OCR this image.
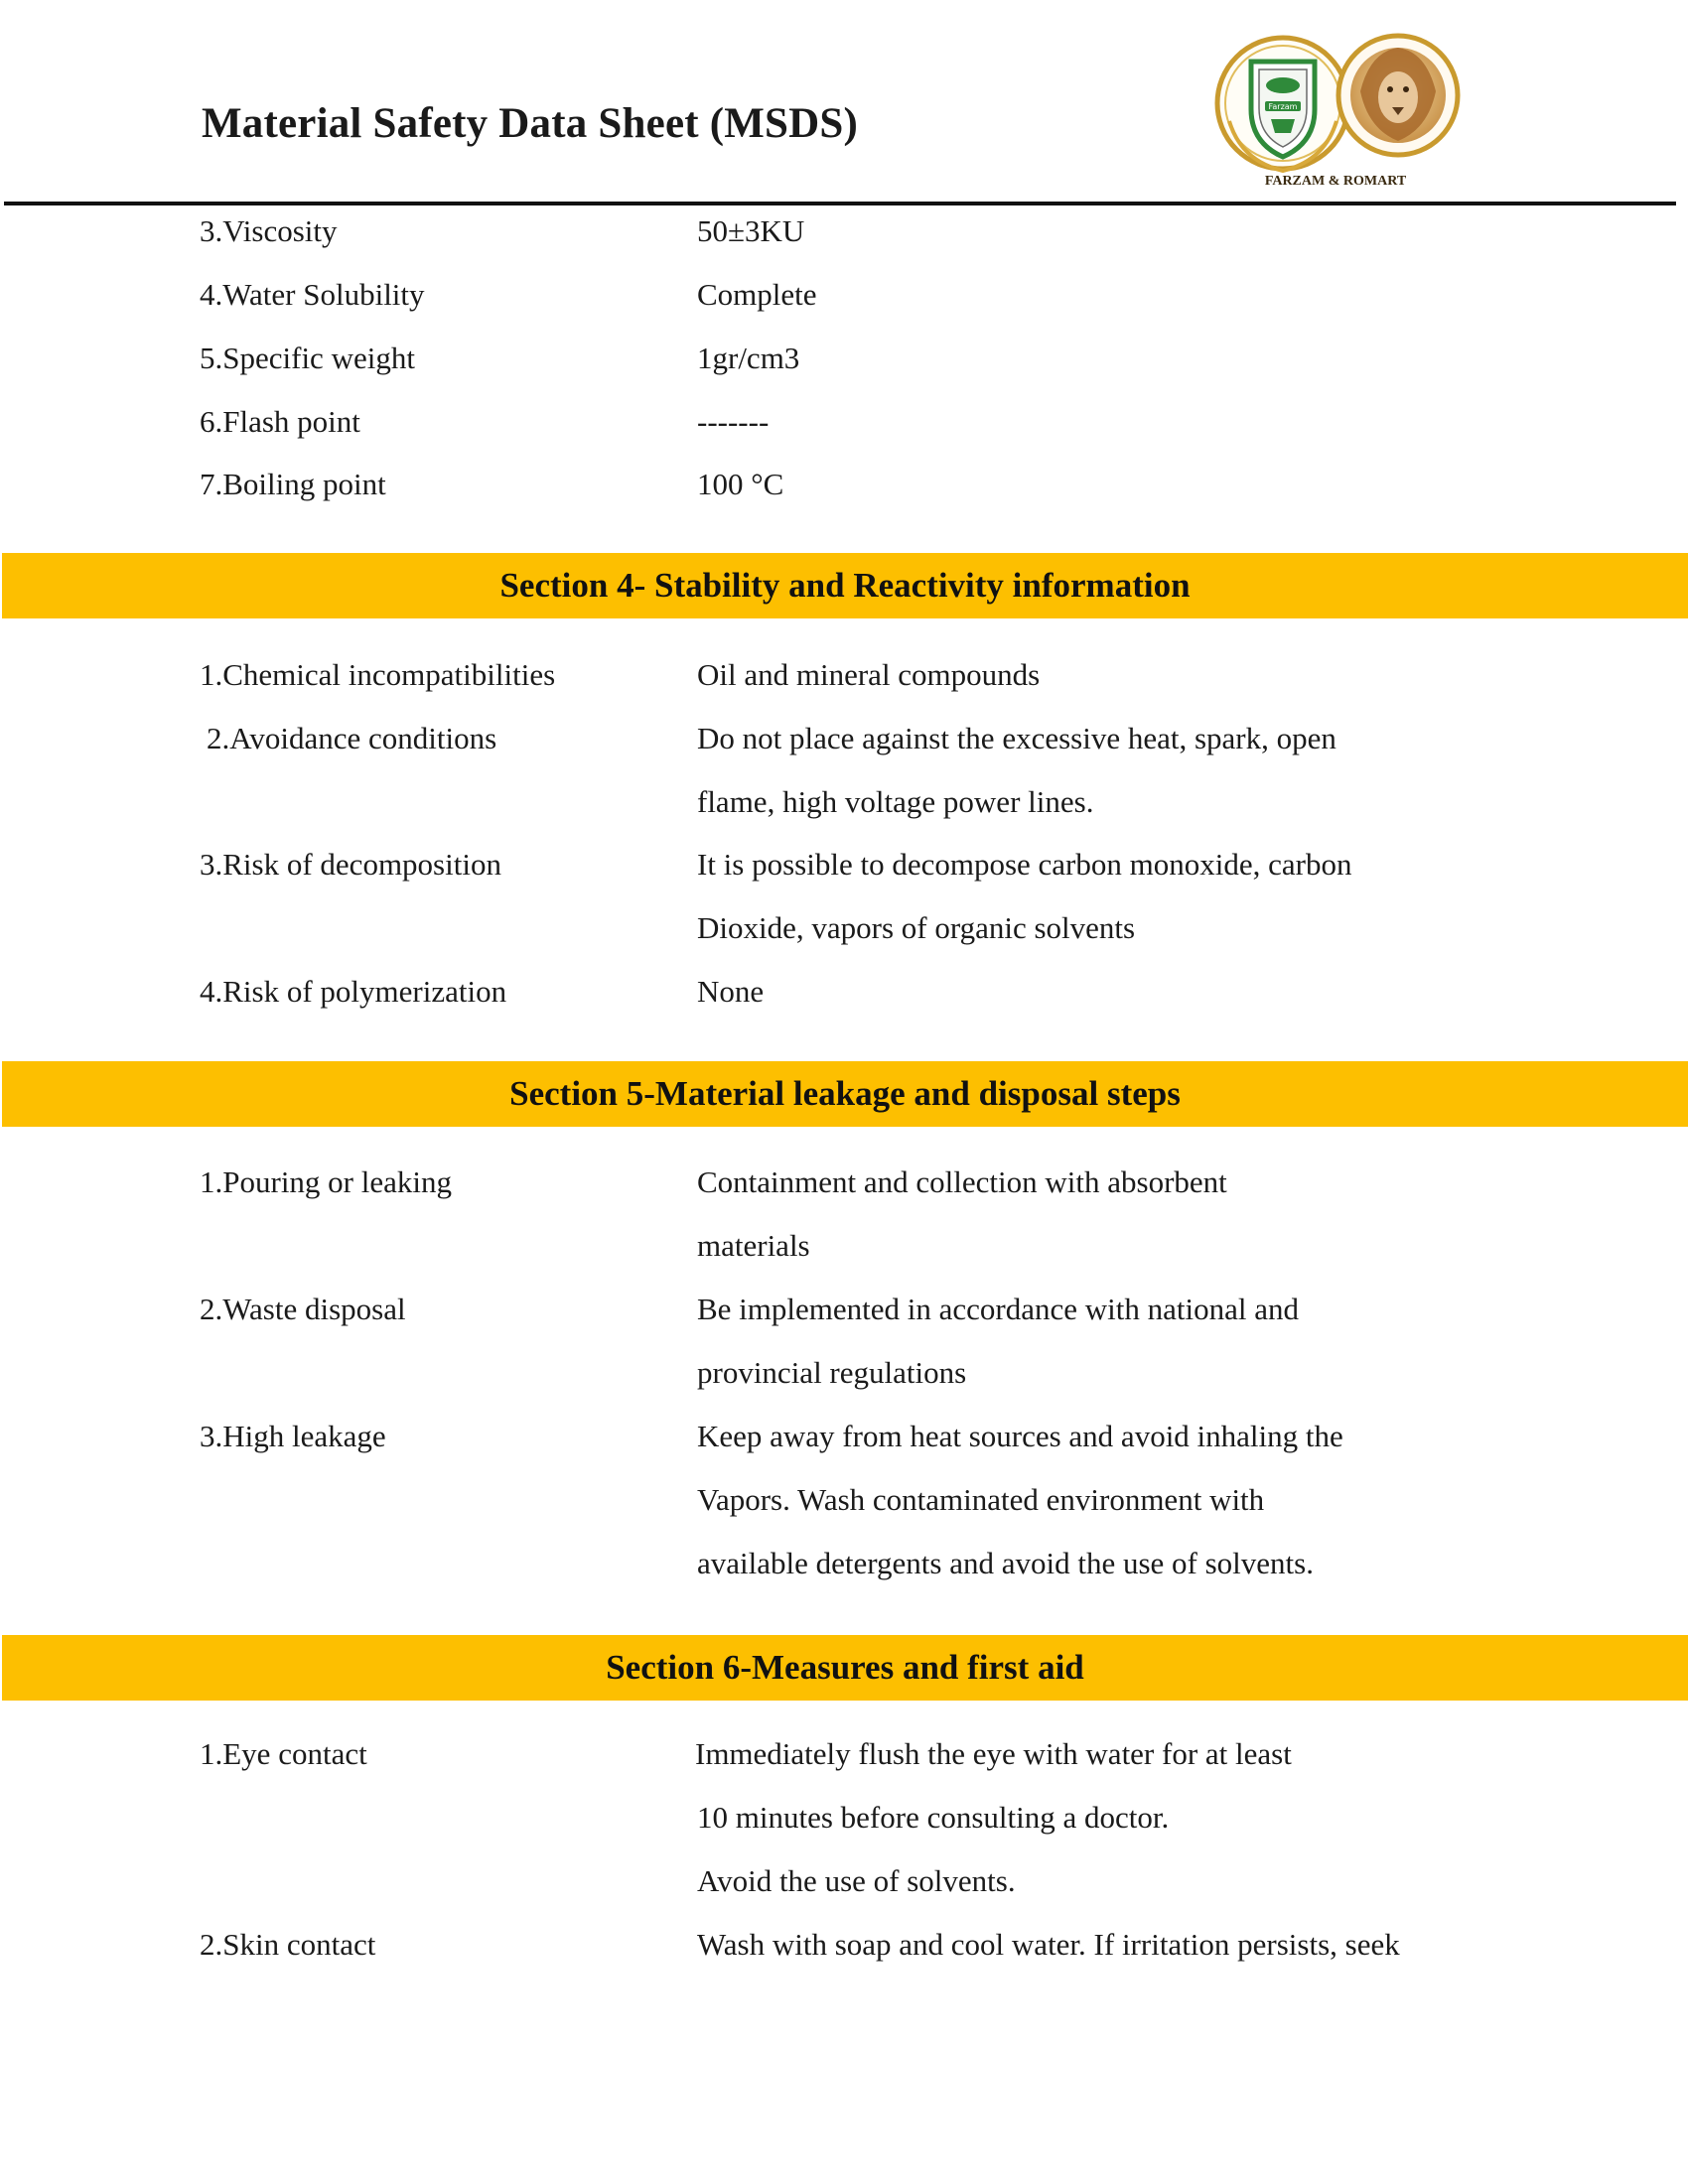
Material Safety Data Sheet (MSDS)	Farzam
FARZAM & ROMART
3.Viscosity	50±3KU
4.Water Solubility	Complete
5.Specific weight	1gr/cm3
6.Flash point	-------
7.Boiling point	100 °C
Section 4- Stability and Reactivity information
1.Chemical incompatibilities	Oil and mineral compounds
2.Avoidance conditions	Do not place against the excessive heat, spark, open
flame, high voltage power lines.
3.Risk of decomposition	It is possible to decompose carbon monoxide, carbon
Dioxide, vapors of organic solvents
4.Risk of polymerization	None
Section 5-Material leakage and disposal steps
1.Pouring or leaking	Containment and collection with absorbent
materials
2.Waste disposal	Be implemented in accordance with national and
provincial regulations
3.High leakage	Keep away from heat sources and avoid inhaling the
Vapors. Wash contaminated environment with
available detergents and avoid the use of solvents.
Section 6-Measures and first aid
1.Eye contact	Immediately flush the eye with water for at least
10 minutes before consulting a doctor.
Avoid the use of solvents.
2.Skin contact	Wash with soap and cool water. If irritation persists, seek
